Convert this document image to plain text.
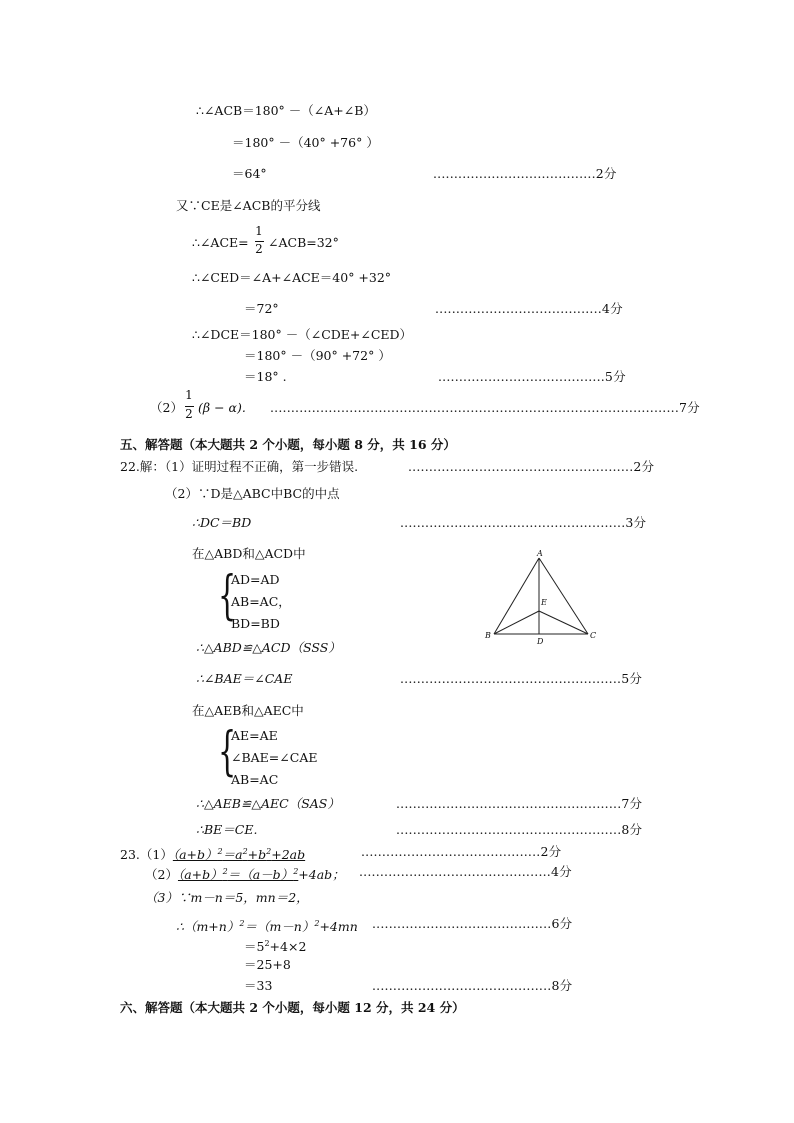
∴∠ACB＝180° －（∠A+∠B）
＝180° －（40° +76° ）
＝64°	.......................................2分
又∵CE是∠ACB的平分线
∴∠ACE=
1
2 ∠ACB=32°
∴∠CED＝∠A+∠ACE＝40° +32°
＝72°	........................................4分
∴∠DCE＝180° －（∠CDE+∠CED）
＝180° －（90° +72° ）
＝18° .	........................................5分
（2）
1
2 (β − α). ..................................................................................................7分
五、解答题（本大题共 2 个小题，每小题 8 分，共 16 分）
22.解：（1）证明过程不正确，第一步错误.	......................................................2分
（2）∵D是△ABC中BC的中点
∴DC＝BD	......................................................3分
在△ABD和△ACD中
{
AD=AD
AB=AC，
BD=BD
∴△ABD≌△ACD（SSS）
∴∠BAE＝∠CAE	.....................................................5分
在△AEB和△AEC中
{
AE=AE
∠BAE=∠CAE
AB=AC
∴△AEB≌△AEC（SAS）	......................................................7分
∴BE＝CE.	......................................................8分
A
B	C
D
E
$23.(1)(a+b)^2=a^2+b^2+2ab$	...........................................2分
$(2)(a+b)^2=(a-b)^2+4ab$； ..............................................4分
（3）∵m－n＝5，mn＝2，
$\therefore(m+n)^2=(m-n)^2+4mn$ ...........................................6分
$=5^2+4\times 2$
＝25+8
＝33	...........................................8分
六、解答题（本大题共 2 个小题，每小题 12 分，共 24 分）
